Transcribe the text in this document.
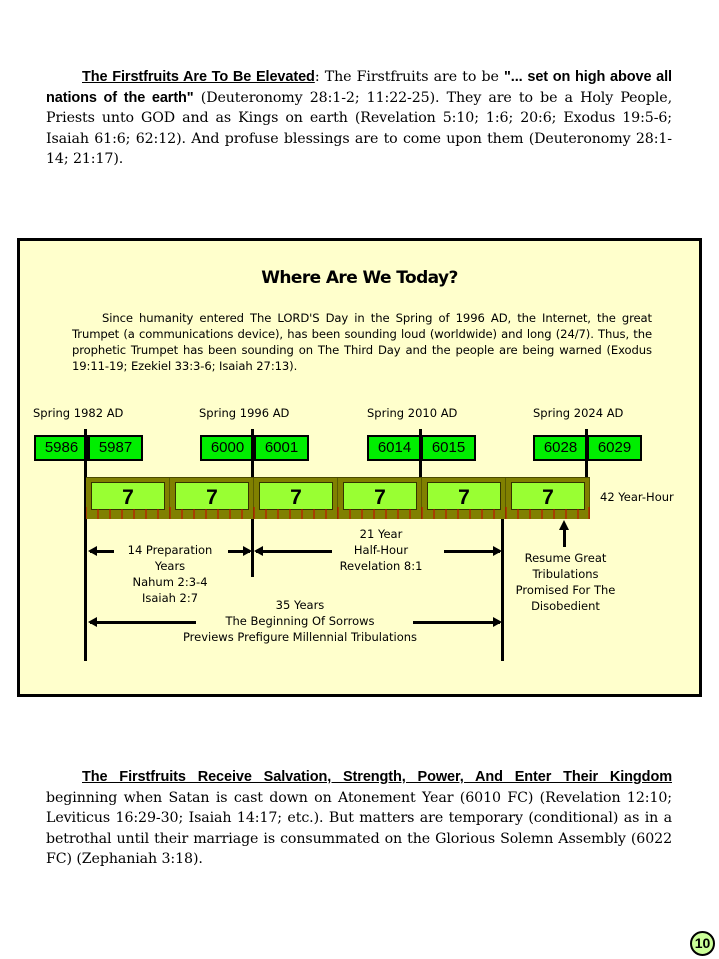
The Firstfruits Are To Be Elevated: The Firstfruits are to be "... set on high above all nations of the earth" (Deuteronomy 28:1-2; 11:22-25). They are to be a Holy People, Priests unto GOD and as Kings on earth (Revelation 5:10; 1:6; 20:6; Exodus 19:5-6; Isaiah 61:6; 62:12). And profuse blessings are to come upon them (Deuteronomy 28:1-14; 21:17).

Where Are We Today?

Since humanity entered The LORD'S Day in the Spring of 1996 AD, the Internet, the great Trumpet (a communications device), has been sounding loud (worldwide) and long (24/7). Thus, the prophetic Trumpet has been sounding on The Third Day and the people are being warned (Exodus 19:11-19; Ezekiel 33:3-6; Isaiah 27:13).

Spring 1982 AD	Spring 1996 AD	Spring 2010 AD	Spring 2024 AD
5986	5987	6000	6001	6014	6015	6028	6029
7	7	7	7	7	7	42 Year-Hour
14 Preparation
Years
Nahum 2:3-4
Isaiah 2:7
21 Year
Half-Hour
Revelation 8:1
35 Years
The Beginning Of Sorrows
Previews Prefigure Millennial Tribulations
Resume Great
Tribulations
Promised For The
Disobedient

The Firstfruits Receive Salvation, Strength, Power, And Enter Their Kingdom beginning when Satan is cast down on Atonement Year (6010 FC) (Revelation 12:10; Leviticus 16:29-30; Isaiah 14:17; etc.). But matters are temporary (conditional) as in a betrothal until their marriage is consummated on the Glorious Solemn Assembly (6022 FC) (Zephaniah 3:18).

10
